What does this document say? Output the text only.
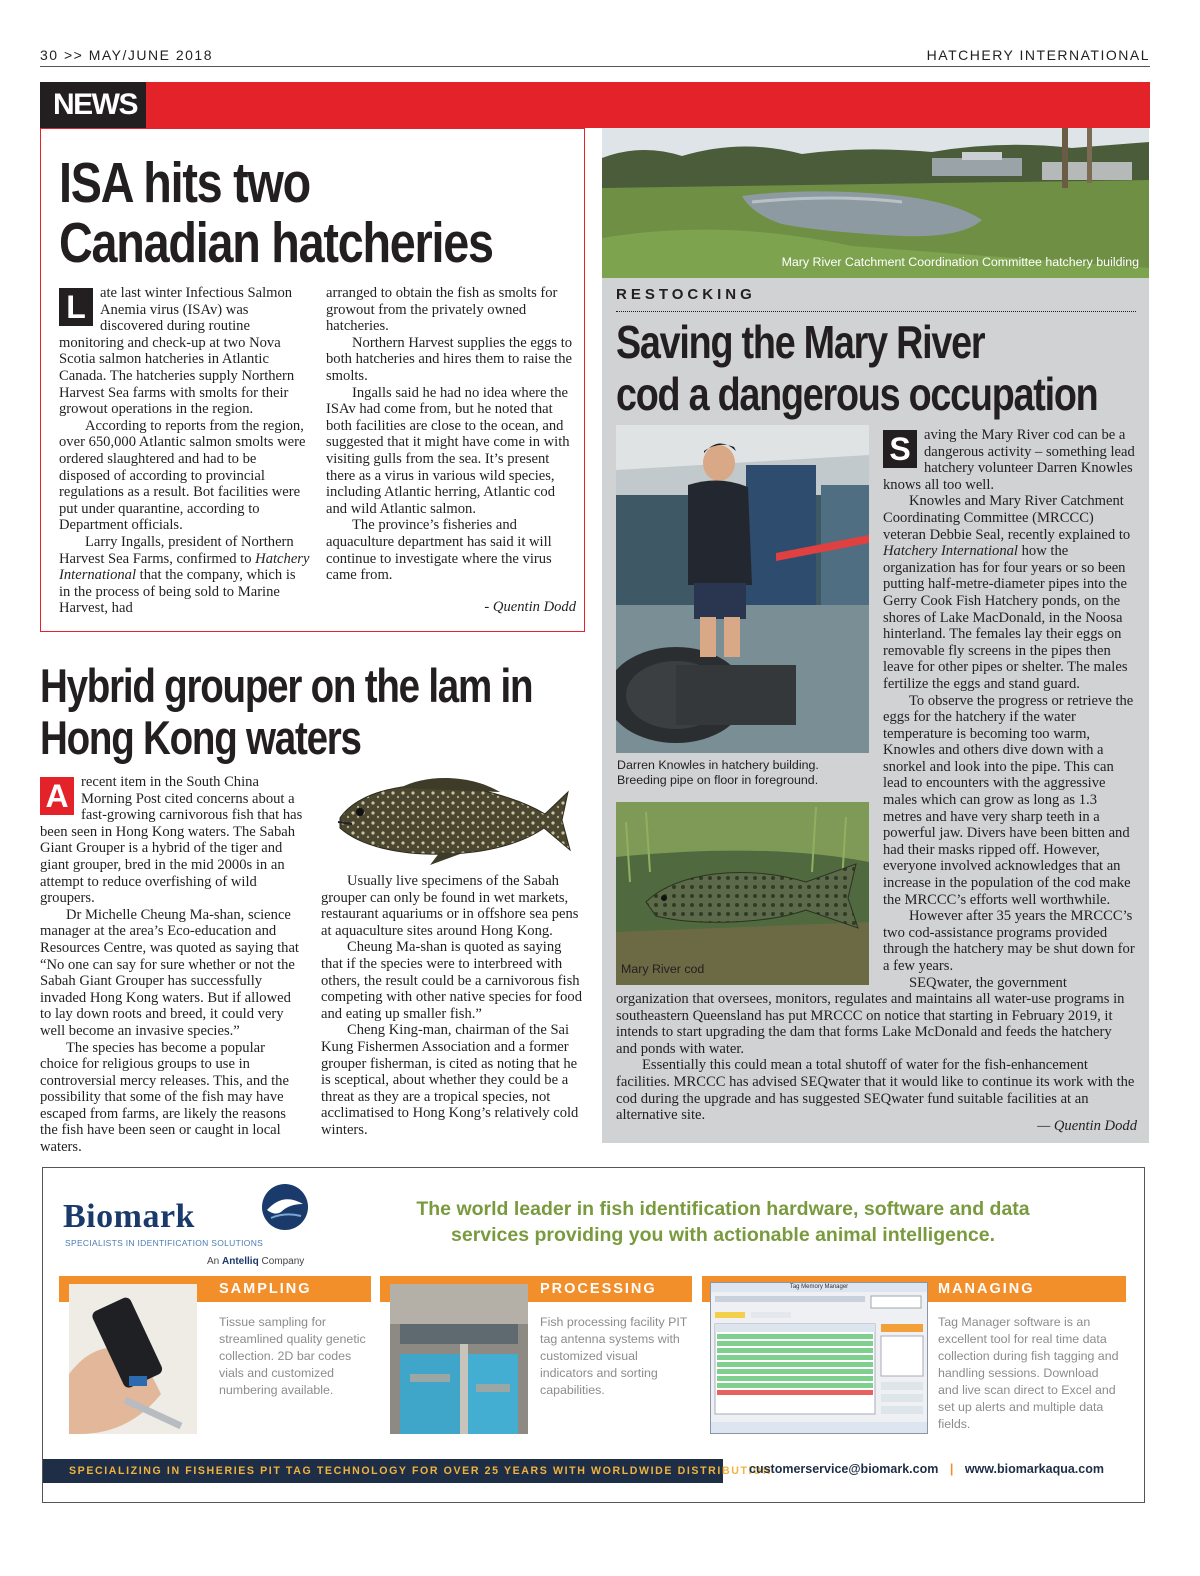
30 >> MAY/JUNE 2018	HATCHERY INTERNATIONAL
NEWS
ISA hits two
Canadian hatcheries

L ate last winter Infectious Salmon Anemia virus (ISAv) was discovered during routine monitoring and check-up at two Nova Scotia salmon hatcheries in Atlantic Canada. The hatcheries supply Northern Harvest Sea farms with smolts for their growout operations in the region.

According to reports from the region, over 650,000 Atlantic salmon smolts were ordered slaughtered and had to be disposed of according to provincial regulations as a result. Bot facilities were put under quarantine, according to Department officials.

Larry Ingalls, president of Northern Harvest Sea Farms, confirmed to Hatchery International that the company, which is in the process of being sold to Marine Harvest, had

arranged to obtain the fish as smolts for growout from the privately owned hatcheries.

Northern Harvest supplies the eggs to both hatcheries and hires them to raise the smolts.

Ingalls said he had no idea where the ISAv had come from, but he noted that both facilities are close to the ocean, and suggested that it might have come in with visiting gulls from the sea. It’s present there as a virus in various wild species, including Atlantic herring, Atlantic cod and wild Atlantic salmon.

The province’s fisheries and aquaculture department has said it will continue to investigate where the virus came from.

- Quentin Dodd
Hybrid grouper on the lam in
Hong Kong waters

A recent item in the South China Morning Post cited concerns about a fast-growing carnivorous fish that has been seen in Hong Kong waters. The Sabah Giant Grouper is a hybrid of the tiger and giant grouper, bred in the mid 2000s in an attempt to reduce overfishing of wild groupers.

Dr Michelle Cheung Ma-shan, science manager at the area’s Eco-education and Resources Centre, was quoted as saying that “No one can say for sure whether or not the Sabah Giant Grouper has successfully invaded Hong Kong waters. But if allowed to lay down roots and breed, it could very well become an invasive species.”

The species has become a popular choice for religious groups to use in controversial mercy releases. This, and the possibility that some of the fish may have escaped from farms, are likely the reasons the fish have been seen or caught in local waters.

Usually live specimens of the Sabah grouper can only be found in wet markets, restaurant aquariums or in offshore sea pens at aquaculture sites around Hong Kong.

Cheung Ma-shan is quoted as saying that if the species were to interbreed with others, the result could be a carnivorous fish competing with other native species for food and eating up smaller fish.”

Cheng King-man, chairman of the Sai Kung Fishermen Association and a former grouper fisherman, is cited as noting that he is sceptical, about whether they could be a threat as they are a tropical species, not acclimatised to Hong Kong’s relatively cold winters.

Mary River Catchment Coordination Committee hatchery building
RESTOCKING
Saving the Mary River
cod a dangerous occupation
Darren Knowles in hatchery building.
Breeding pipe on floor in foreground.
Mary River cod

S aving the Mary River cod can be a dangerous activity – something lead hatchery volunteer Darren Knowles knows all too well.

Knowles and Mary River Catchment Coordinating Committee (MRCCC) veteran Debbie Seal, recently explained to Hatchery International how the organization has for four years or so been putting half-metre-diameter pipes into the Gerry Cook Fish Hatchery ponds, on the shores of Lake MacDonald, in the Noosa hinterland. The females lay their eggs on removable fly screens in the pipes then leave for other pipes or shelter. The males fertilize the eggs and stand guard.

To observe the progress or retrieve the eggs for the hatchery if the water temperature is becoming too warm, Knowles and others dive down with a snorkel and look into the pipe. This can lead to encounters with the aggressive males which can grow as long as 1.3 metres and have very sharp teeth in a powerful jaw. Divers have been bitten and had their masks ripped off. However, everyone involved acknowledges that an increase in the population of the cod make the MRCCC’s efforts well worthwhile.

However after 35 years the MRCCC’s two cod-assistance programs provided through the hatchery may be shut down for a few years.

SEQwater, the government

organization that oversees, monitors, regulates and maintains all water-use programs in southeastern Queensland has put MRCCC on notice that starting in February 2019, it intends to start upgrading the dam that forms Lake McDonald and feeds the hatchery and ponds with water.

Essentially this could mean a total shutoff of water for the fish-enhancement facilities. MRCCC has advised SEQwater that it would like to continue its work with the cod during the upgrade and has suggested SEQwater fund suitable facilities at an alternative site.

— Quentin Dodd
Biomark
SPECIALISTS IN IDENTIFICATION SOLUTIONS
An Antelliq Company
The world leader in fish identification hardware, software and data
services providing you with actionable animal intelligence.
SAMPLING
Tissue sampling for streamlined quality genetic collection. 2D bar codes vials and customized numbering available.
PROCESSING
Fish processing facility PIT tag antenna systems with customized visual indicators and sorting capabilities.
MANAGING
Tag Memory Manager
Tag Manager software is an excellent tool for real time data collection during fish tagging and handling sessions. Download and live scan direct to Excel and set up alerts and multiple data fields.
SPECIALIZING IN FISHERIES PIT TAG TECHNOLOGY FOR OVER 25 YEARS WITH WORLDWIDE DISTRIBUTION
customerservice@biomark.com | www.biomarkaqua.com
